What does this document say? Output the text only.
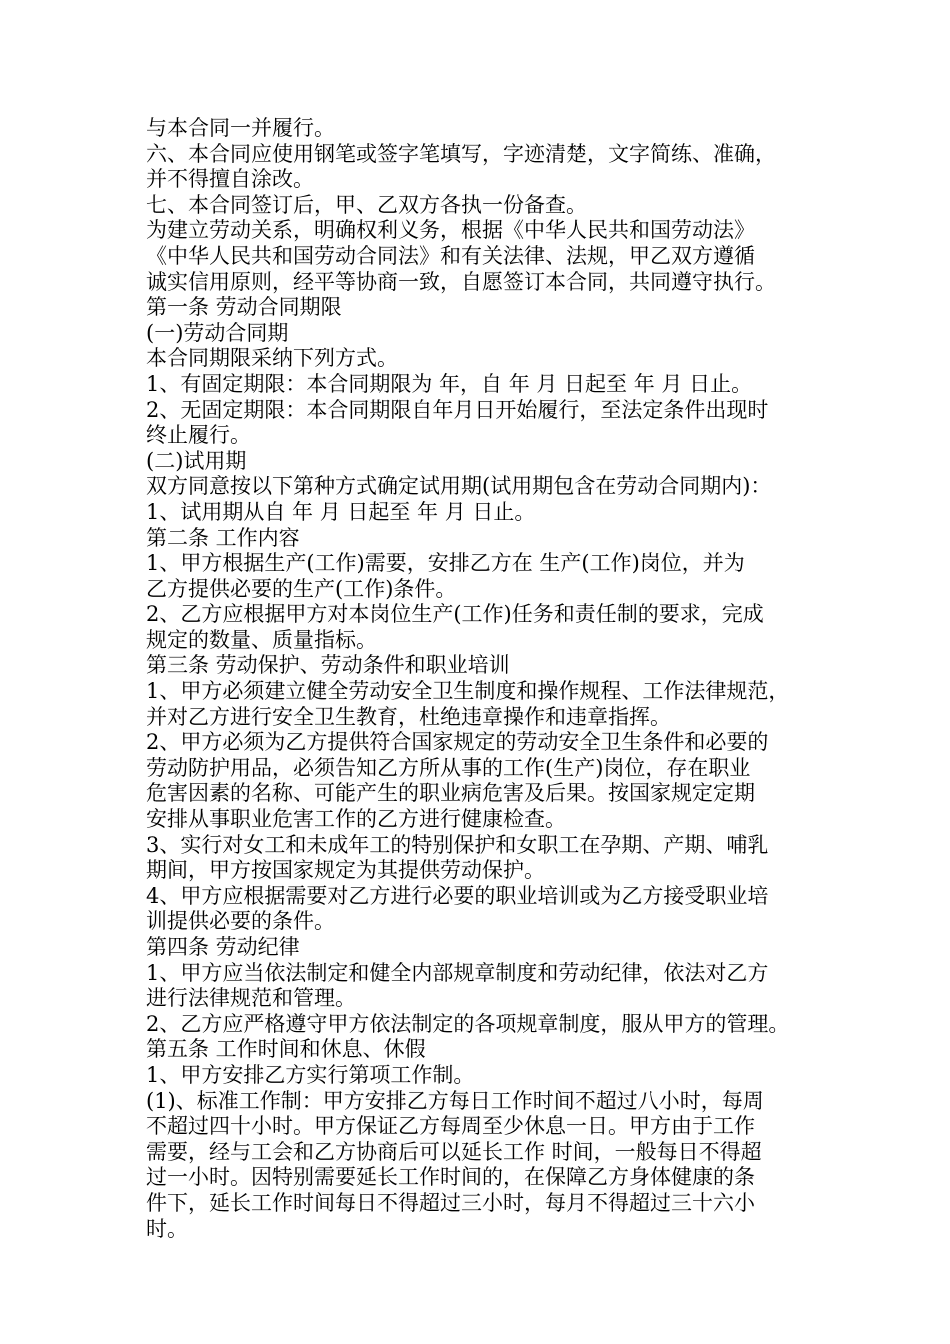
与本合同一并履行。
六、本合同应使用钢笔或签字笔填写，字迹清楚，文字简练、准确，
并不得擅自涂改。
七、本合同签订后，甲、乙双方各执一份备查。
为建立劳动关系，明确权利义务，根据《中华人民共和国劳动法》
《中华人民共和国劳动合同法》和有关法律、法规，甲乙双方遵循
诚实信用原则，经平等协商一致，自愿签订本合同，共同遵守执行。
第一条 劳动合同期限
(一)劳动合同期
本合同期限采纳下列方式。
1、有固定期限：本合同期限为 年，自 年 月 日起至 年 月 日止。
2、无固定期限：本合同期限自年月日开始履行，至法定条件出现时
终止履行。
(二)试用期
双方同意按以下第种方式确定试用期(试用期包含在劳动合同期内)：
1、试用期从自 年 月 日起至 年 月 日止。
第二条 工作内容
1、甲方根据生产(工作)需要，安排乙方在 生产(工作)岗位，并为
乙方提供必要的生产(工作)条件。
2、乙方应根据甲方对本岗位生产(工作)任务和责任制的要求，完成
规定的数量、质量指标。
第三条 劳动保护、劳动条件和职业培训
1、甲方必须建立健全劳动安全卫生制度和操作规程、工作法律规范，
并对乙方进行安全卫生教育，杜绝违章操作和违章指挥。
2、甲方必须为乙方提供符合国家规定的劳动安全卫生条件和必要的
劳动防护用品，必须告知乙方所从事的工作(生产)岗位，存在职业
危害因素的名称、可能产生的职业病危害及后果。按国家规定定期
安排从事职业危害工作的乙方进行健康检查。
3、实行对女工和未成年工的特别保护和女职工在孕期、产期、哺乳
期间，甲方按国家规定为其提供劳动保护。
4、甲方应根据需要对乙方进行必要的职业培训或为乙方接受职业培
训提供必要的条件。
第四条 劳动纪律
1、甲方应当依法制定和健全内部规章制度和劳动纪律，依法对乙方
进行法律规范和管理。
2、乙方应严格遵守甲方依法制定的各项规章制度，服从甲方的管理。
第五条 工作时间和休息、休假
1、甲方安排乙方实行第项工作制。
(1)、标准工作制：甲方安排乙方每日工作时间不超过八小时，每周
不超过四十小时。甲方保证乙方每周至少休息一日。甲方由于工作
需要，经与工会和乙方协商后可以延长工作 时间，一般每日不得超
过一小时。因特别需要延长工作时间的，在保障乙方身体健康的条
件下，延长工作时间每日不得超过三小时，每月不得超过三十六小
时。
